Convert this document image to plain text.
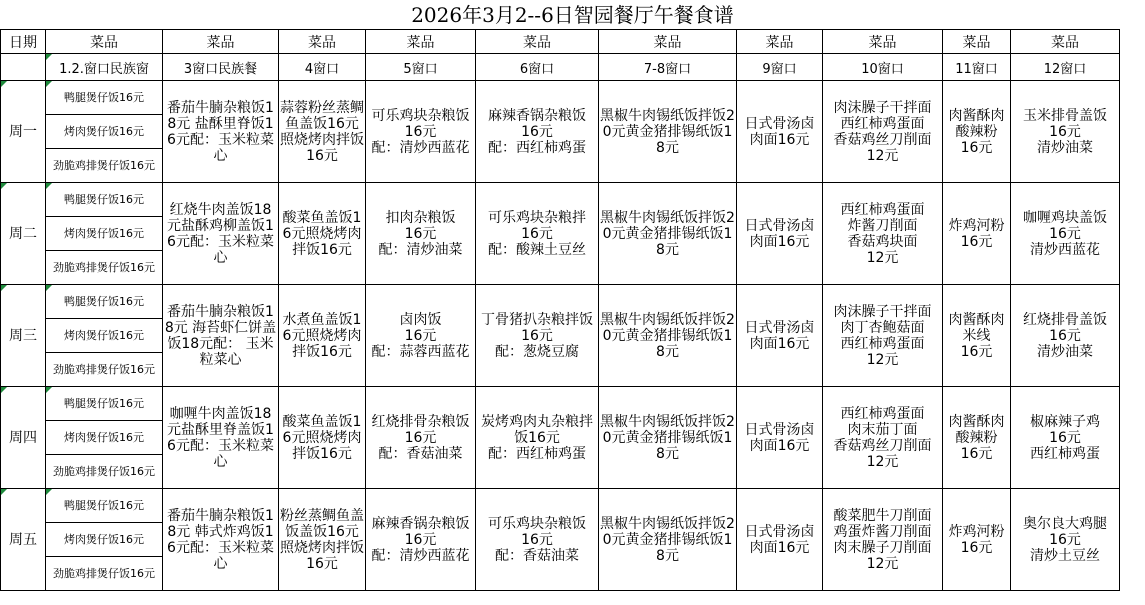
2026年3月2--6日智园餐厅午餐食谱
日期	菜品	菜品	菜品	菜品	菜品	菜品	菜品	菜品	菜品	菜品
	1.2.窗口民族窗	3窗口民族餐	4窗口	5窗口	6窗口	7-8窗口	9窗口	10窗口	11窗口	12窗口
周一	鸭腿煲仔饭16元	番茄牛腩杂粮饭18元 盐酥里脊饭16元配：玉米粒菜心	蒜蓉粉丝蒸鲷鱼盖饭16元照烧烤肉拌饭16元	可乐鸡块杂粮饭
16元
配：清炒西蓝花	麻辣香锅杂粮饭
16元
配：西红柿鸡蛋	黑椒牛肉锡纸饭拌饭20元黄金猪排锡纸饭18元	日式骨汤卤肉面16元	肉沫臊子干拌面
西红柿鸡蛋面
香菇鸡丝刀削面
12元	肉酱酥肉酸辣粉
16元	玉米排骨盖饭
16元
清炒油菜
	烤肉煲仔饭16元									
	劲脆鸡排煲仔饭16元									
周二	鸭腿煲仔饭16元	红烧牛肉盖饭18元盐酥鸡柳盖饭16元配：玉米粒菜心	酸菜鱼盖饭16元照烧烤肉拌饭16元	扣肉杂粮饭
16元
配：清炒油菜	可乐鸡块杂粮拌
16元
配：酸辣土豆丝	黑椒牛肉锡纸饭拌饭20元黄金猪排锡纸饭18元	日式骨汤卤肉面16元	西红柿鸡蛋面
炸酱刀削面
香菇鸡块面
12元	炸鸡河粉
16元	咖喱鸡块盖饭
16元
清炒西蓝花
	烤肉煲仔饭16元									
	劲脆鸡排煲仔饭16元									
周三	鸭腿煲仔饭16元	番茄牛腩杂粮饭18元 海苔虾仁饼盖饭18元配： 玉米粒菜心	水煮鱼盖饭16元照烧烤肉拌饭16元	卤肉饭
16元
配：蒜蓉西蓝花	丁骨猪扒杂粮拌饭16元
配：葱烧豆腐	黑椒牛肉锡纸饭拌饭20元黄金猪排锡纸饭18元	日式骨汤卤肉面16元	肉沫臊子干拌面
肉丁杏鲍菇面
西红柿鸡蛋面
12元	肉酱酥肉米线
16元	红烧排骨盖饭
16元
清炒油菜
	烤肉煲仔饭16元									
	劲脆鸡排煲仔饭16元									
周四	鸭腿煲仔饭16元	咖喱牛肉盖饭18元盐酥里脊盖饭16元配：玉米粒菜心	酸菜鱼盖饭16元照烧烤肉拌饭16元	红烧排骨杂粮饭
16元
配：香菇油菜	炭烤鸡肉丸杂粮拌饭16元
配：西红柿鸡蛋	黑椒牛肉锡纸饭拌饭20元黄金猪排锡纸饭18元	日式骨汤卤肉面16元	西红柿鸡蛋面
肉末茄丁面
香菇鸡丝刀削面
12元	肉酱酥肉酸辣粉
16元	椒麻辣子鸡
16元
西红柿鸡蛋
	烤肉煲仔饭16元									
	劲脆鸡排煲仔饭16元									
周五	鸭腿煲仔饭16元	番茄牛腩杂粮饭18元 韩式炸鸡饭16元配：玉米粒菜心	粉丝蒸鲷鱼盖饭盖饭16元照烧烤肉拌饭16元	麻辣香锅杂粮饭
16元
配：清炒西蓝花	可乐鸡块杂粮饭
16元
配：香菇油菜	黑椒牛肉锡纸饭拌饭20元黄金猪排锡纸饭18元	日式骨汤卤肉面16元	酸菜肥牛刀削面
鸡蛋炸酱刀削面
肉末臊子刀削面
12元	炸鸡河粉
16元	奥尔良大鸡腿
16元
清炒土豆丝
	烤肉煲仔饭16元									
	劲脆鸡排煲仔饭16元									
